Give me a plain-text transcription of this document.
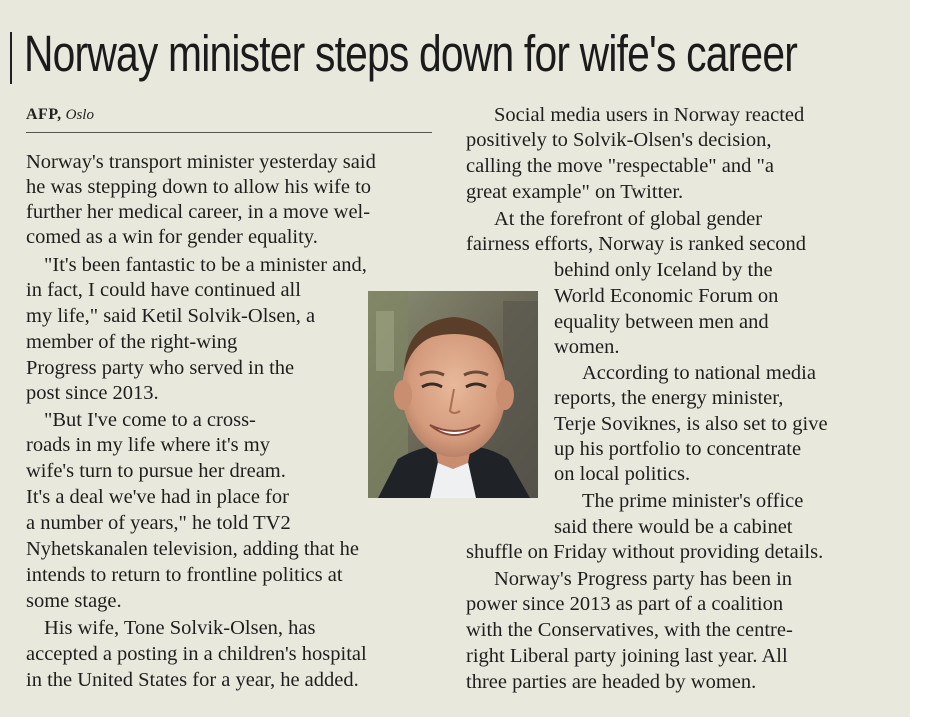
Norway minister steps down for wife's career
AFP, Oslo
Norway's transport minister yesterday said
he was stepping down to allow his wife to
further her medical career, in a move wel-
comed as a win for gender equality.
"It's been fantastic to be a minister and,
in fact, I could have continued all
my life," said Ketil Solvik-Olsen, a
member of the right-wing
Progress party who served in the
post since 2013.
"But I've come to a cross-
roads in my life where it's my
wife's turn to pursue her dream.
It's a deal we've had in place for
a number of years," he told TV2
Nyhetskanalen television, adding that he
intends to return to frontline politics at
some stage.
His wife, Tone Solvik-Olsen, has
accepted a posting in a children's hospital
in the United States for a year, he added.
Social media users in Norway reacted
positively to Solvik-Olsen's decision,
calling the move "respectable" and "a
great example" on Twitter.
At the forefront of global gender
fairness efforts, Norway is ranked second
behind only Iceland by the
World Economic Forum on
equality between men and
women.
According to national media
reports, the energy minister,
Terje Soviknes, is also set to give
up his portfolio to concentrate
on local politics.
The prime minister's office
said there would be a cabinet
shuffle on Friday without providing details.
Norway's Progress party has been in
power since 2013 as part of a coalition
with the Conservatives, with the centre-
right Liberal party joining last year. All
three parties are headed by women.
